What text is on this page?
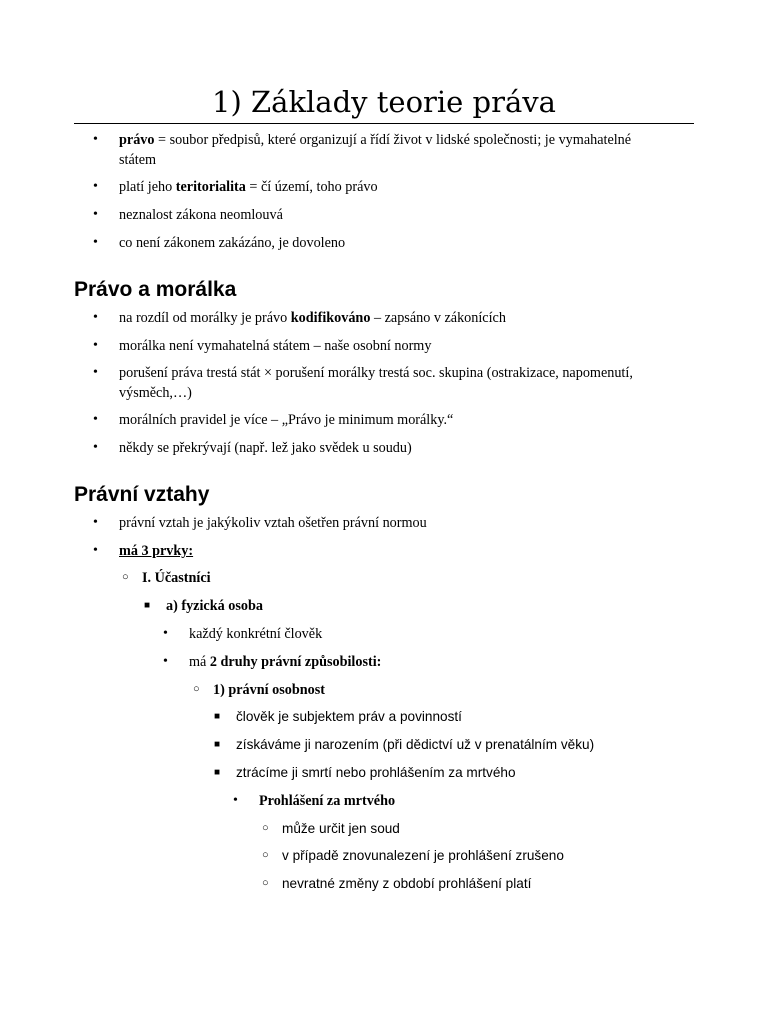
1) Základy teorie práva
• právo = soubor předpisů, které organizují a řídí život v lidské společnosti; je vymahatelné
státem
• platí jeho teritorialita = čí území, toho právo
• neznalost zákona neomlouvá
• co není zákonem zakázáno, je dovoleno
Právo a morálka
• na rozdíl od morálky je právo kodifikováno – zapsáno v zákonících
• morálka není vymahatelná státem – naše osobní normy
• porušení práva trestá stát × porušení morálky trestá soc. skupina (ostrakizace, napomenutí,
výsměch,…)
• morálních pravidel je více – „Právo je minimum morálky.“
• někdy se překrývají (např. lež jako svědek u soudu)
Právní vztahy
• právní vztah je jakýkoliv vztah ošetřen právní normou
• má 3 prvky:
○ I. Účastníci
■ a) fyzická osoba
• každý konkrétní člověk
• má 2 druhy právní způsobilosti:
○ 1) právní osobnost
■ člověk je subjektem práv a povinností
■ získáváme ji narozením (při dědictví už v prenatálním věku)
■ ztrácíme ji smrtí nebo prohlášením za mrtvého
• Prohlášení za mrtvého
○ může určit jen soud
○ v případě znovunalezení je prohlášení zrušeno
○ nevratné změny z období prohlášení platí
